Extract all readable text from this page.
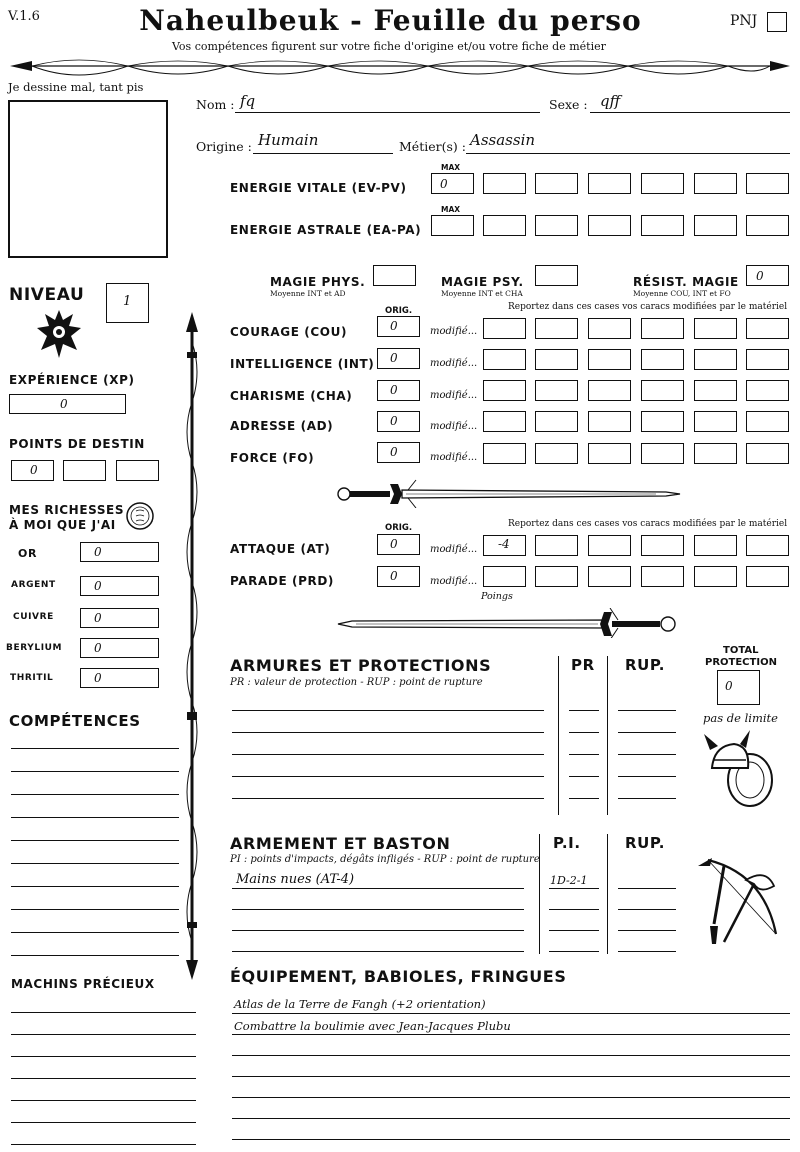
V.1.6	Naheulbeuk - Feuille du perso
Vos compétences figurent sur votre fiche d'origine et/ou votre fiche de métier
PNJ
Je dessine mal, tant pis
Nom : fq	Sexe : qff
Origine : Humain	Métier(s) : Assassin
MAX
ENERGIE VITALE (EV-PV)	0
MAX
ENERGIE ASTRALE (EA-PA)
MAGIE PHYS.
Moyenne INT et AD
MAGIE PSY.
Moyenne INT et CHA
RÉSIST. MAGIE
Moyenne COU, INT et FO
0
NIVEAU	1
EXPÉRIENCE (XP)
0
POINTS DE DESTIN
0
MES RICHESSES
À MOI QUE J'AI
OR	0
ARGENT	0
CUIVRE	0
BERYLIUM	0
THRITIL	0
COMPÉTENCES
MACHINS PRÉCIEUX
ORIG.	Reportez dans ces cases vos caracs modifiées par le matériel
COURAGE (COU)	0	modifié...
INTELLIGENCE (INT) 0	modifié...
CHARISME (CHA)	0	modifié...
ADRESSE (AD)	0	modifié...
FORCE (FO)	0	modifié...
ORIG.	Reportez dans ces cases vos caracs modifiées par le matériel
ATTAQUE (AT)	0	modifié... -4
PARADE (PRD)	0	modifié...
Poings
ARMURES ET PROTECTIONS
PR : valeur de protection - RUP : point de rupture
PR RUP.
TOTAL
PROTECTION
0
pas de limite
ARMEMENT ET BASTON
PI : points d'impacts, dégâts infligés - RUP : point de rupture
P.I.	RUP.
Mains nues (AT-4)	1D-2-1
ÉQUIPEMENT, BABIOLES, FRINGUES
Atlas de la Terre de Fangh (+2 orientation)
Combattre la boulimie avec Jean-Jacques Plubu
